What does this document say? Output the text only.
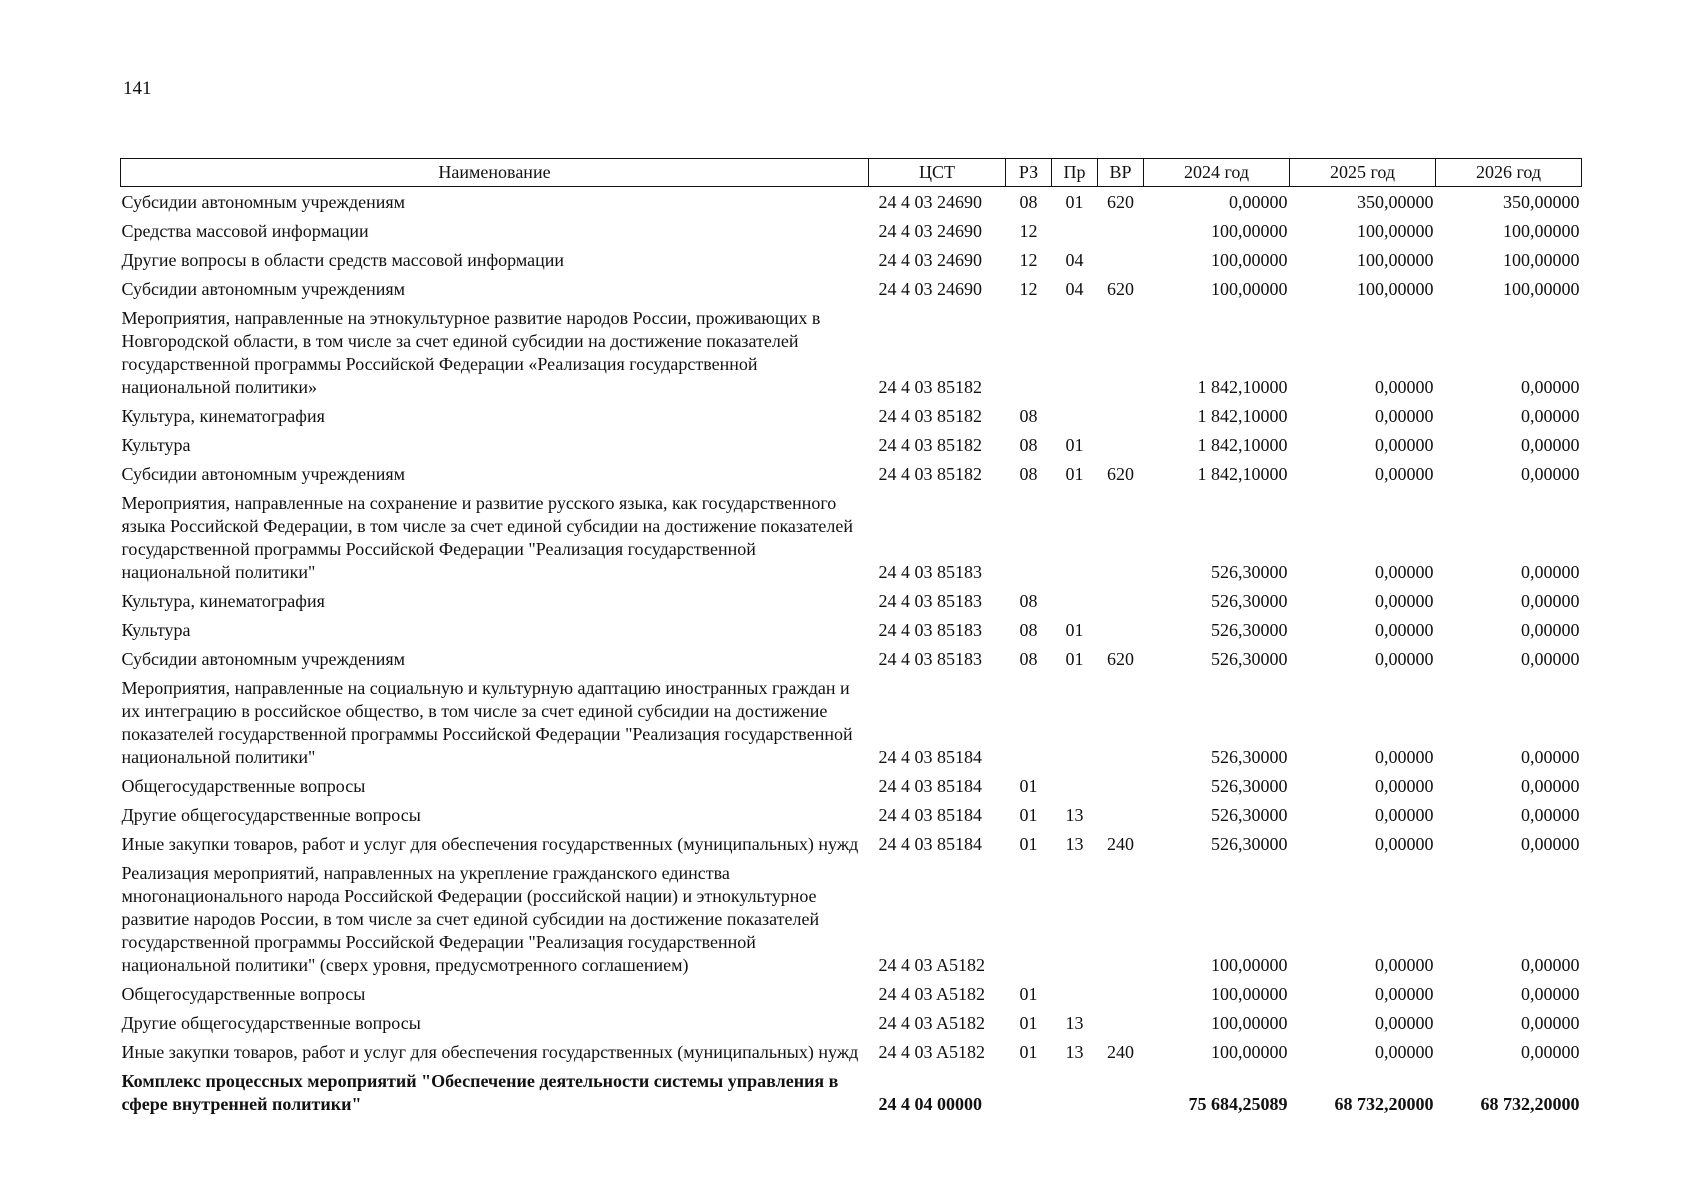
141
Наименование	ЦСТ	РЗ	Пр	ВР	2024 год	2025 год	2026 год
Субсидии автономным учреждениям	24 4 03 24690	08	01	620	0,00000	350,00000	350,00000
Средства массовой информации	24 4 03 24690	12			100,00000	100,00000	100,00000
Другие вопросы в области средств массовой информации	24 4 03 24690	12	04		100,00000	100,00000	100,00000
Субсидии автономным учреждениям	24 4 03 24690	12	04	620	100,00000	100,00000	100,00000
Мероприятия, направленные на этнокультурное развитие народов России, проживающих в Новгородской области, в том числе за счет единой субсидии на достижение показателей государственной программы Российской Федерации «Реализация государственной национальной политики»	24 4 03 85182				1 842,10000	0,00000	0,00000
Культура, кинематография	24 4 03 85182	08			1 842,10000	0,00000	0,00000
Культура	24 4 03 85182	08	01		1 842,10000	0,00000	0,00000
Субсидии автономным учреждениям	24 4 03 85182	08	01	620	1 842,10000	0,00000	0,00000
Мероприятия, направленные на сохранение и развитие русского языка, как государственного языка Российской Федерации, в том числе за счет единой субсидии на достижение показателей государственной программы Российской Федерации "Реализация государственной национальной политики"	24 4 03 85183				526,30000	0,00000	0,00000
Культура, кинематография	24 4 03 85183	08			526,30000	0,00000	0,00000
Культура	24 4 03 85183	08	01		526,30000	0,00000	0,00000
Субсидии автономным учреждениям	24 4 03 85183	08	01	620	526,30000	0,00000	0,00000
Мероприятия, направленные на социальную и культурную адаптацию иностранных граждан и их интеграцию в российское общество, в том числе за счет единой субсидии на достижение показателей государственной программы Российской Федерации "Реализация государственной национальной политики"	24 4 03 85184				526,30000	0,00000	0,00000
Общегосударственные вопросы	24 4 03 85184	01			526,30000	0,00000	0,00000
Другие общегосударственные вопросы	24 4 03 85184	01	13		526,30000	0,00000	0,00000
Иные закупки товаров, работ и услуг для обеспечения государственных (муниципальных) нужд	24 4 03 85184	01	13	240	526,30000	0,00000	0,00000
Реализация мероприятий, направленных на укрепление гражданского единства многонационального народа Российской Федерации (российской нации) и этнокультурное развитие народов России, в том числе за счет единой субсидии на достижение показателей государственной программы Российской Федерации "Реализация государственной национальной политики" (сверх уровня, предусмотренного соглашением)	24 4 03 A5182				100,00000	0,00000	0,00000
Общегосударственные вопросы	24 4 03 A5182	01			100,00000	0,00000	0,00000
Другие общегосударственные вопросы	24 4 03 A5182	01	13		100,00000	0,00000	0,00000
Иные закупки товаров, работ и услуг для обеспечения государственных (муниципальных) нужд	24 4 03 A5182	01	13	240	100,00000	0,00000	0,00000
Комплекс процессных мероприятий "Обеспечение деятельности системы управления в сфере внутренней политики"	24 4 04 00000				75 684,25089	68 732,20000	68 732,20000
